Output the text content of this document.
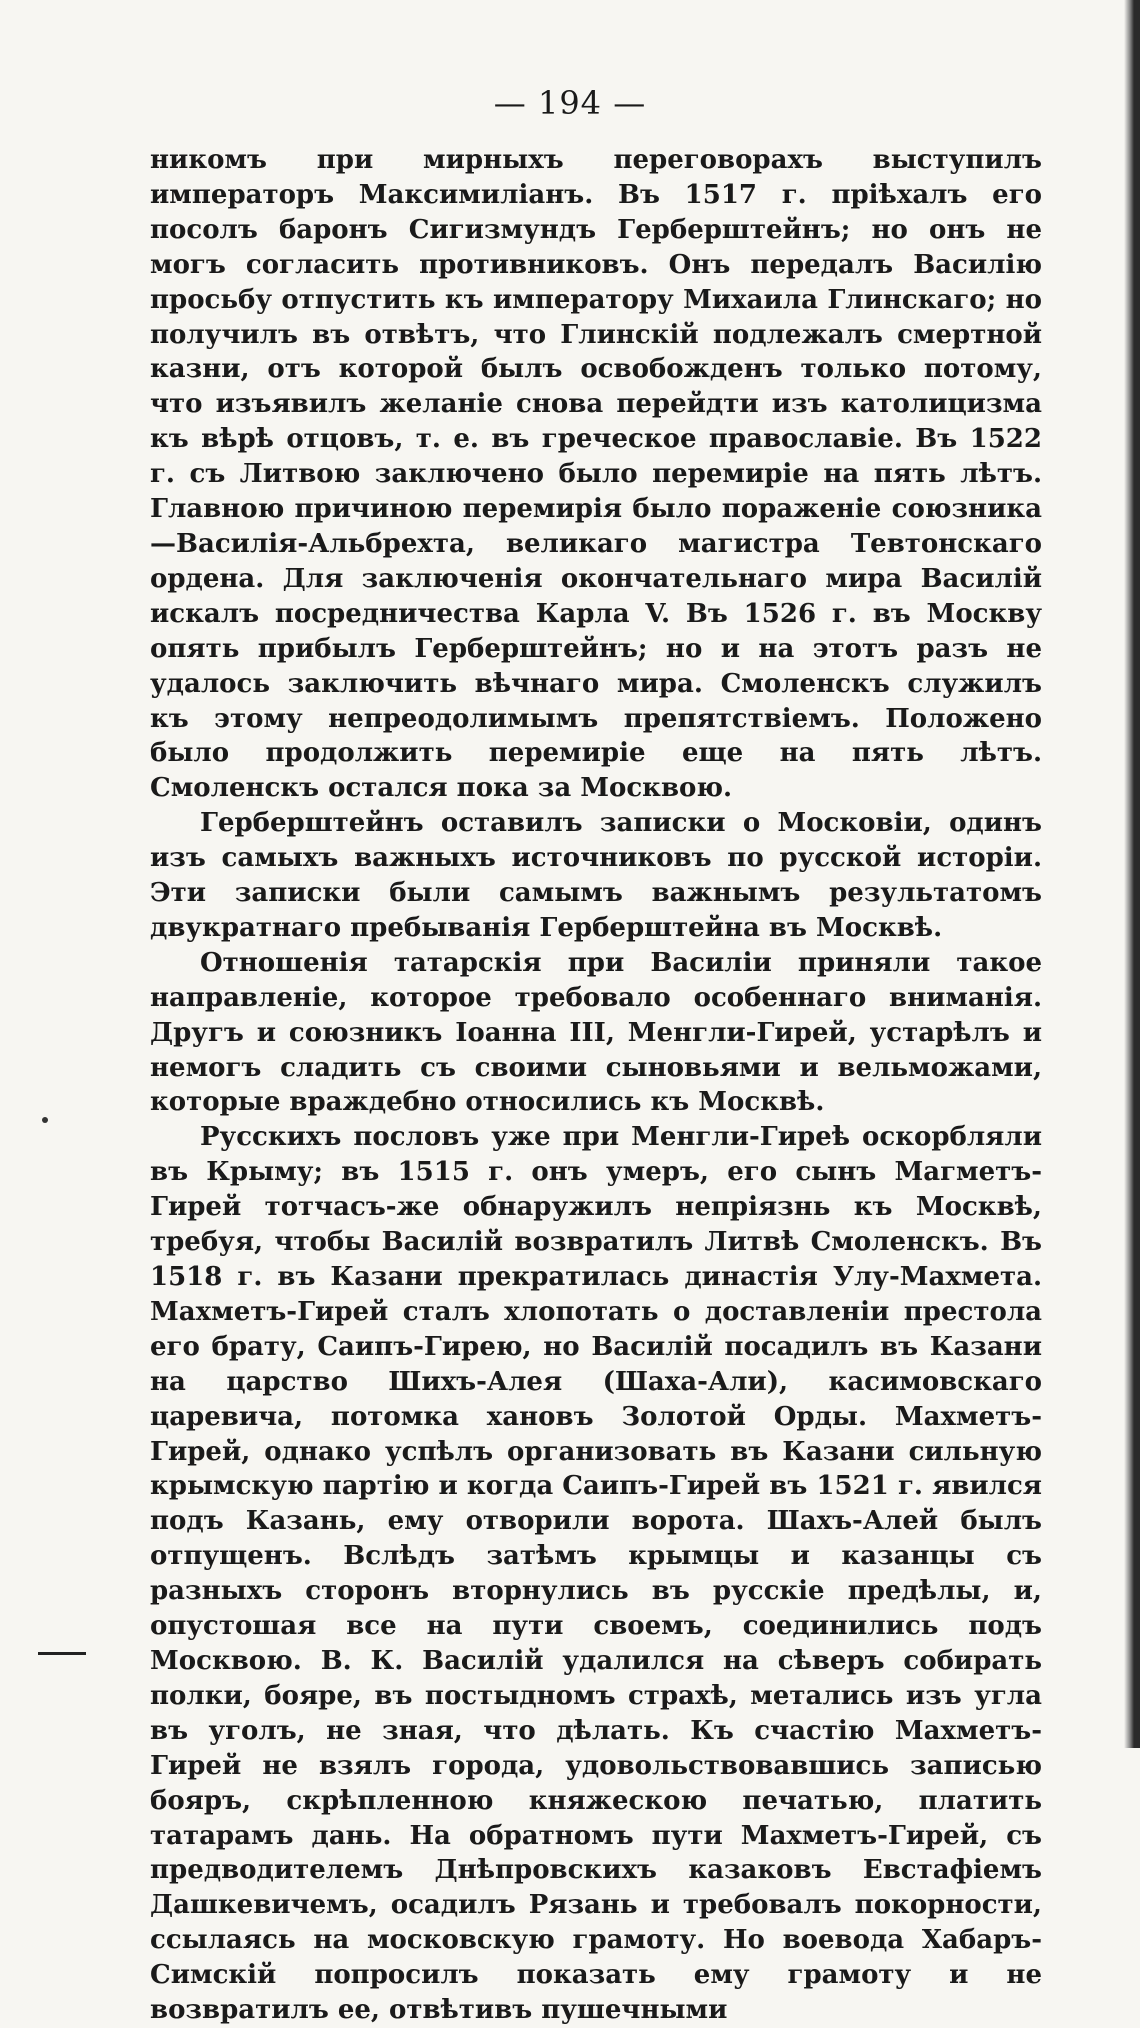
— 194 —

никомъ при мирныхъ переговорахъ выступилъ императоръ Максимиліанъ. Въ 1517 г. пріѣхалъ его посолъ баронъ Сигизмундъ Герберштейнъ; но онъ не могъ согласить противниковъ. Онъ передалъ Василію просьбу отпустить къ императору Михаила Глинскаго; но получилъ въ отвѣтъ, что Глинскій подлежалъ смертной казни, отъ которой былъ освобожденъ только потому, что изъявилъ желаніе снова перейдти изъ католицизма къ вѣрѣ отцовъ, т. е. въ греческое православіе. Въ 1522 г. съ Литвою заключено было перемиріе на пять лѣтъ. Главною причиною перемирія было пораженіе союзника—Василія-Альбрехта, великаго магистра Тевтонскаго ордена. Для заключенія окончательнаго мира Василій искалъ посредничества Карла V. Въ 1526 г. въ Москву опять прибылъ Герберштейнъ; но и на этотъ разъ не удалось заключить вѣчнаго мира. Смоленскъ служилъ къ этому непреодолимымъ препятствіемъ. Положено было продолжить перемиріе еще на пять лѣтъ. Смоленскъ остался пока за Москвою.

Герберштейнъ оставилъ записки о Московіи, одинъ изъ самыхъ важныхъ источниковъ по русской исторіи. Эти записки были самымъ важнымъ результатомъ двукратнаго пребыванія Герберштейна въ Москвѣ.

Отношенія татарскія при Василіи приняли такое направленіе, которое требовало особеннаго вниманія. Другъ и союзникъ Іоанна III, Менгли-Гирей, устарѣлъ и немогъ сладить съ своими сыновьями и вельможами, которые враждебно относились къ Москвѣ.

Русскихъ пословъ уже при Менгли-Гиреѣ оскорбляли въ Крыму; въ 1515 г. онъ умеръ, его сынъ Магметъ-Гирей тотчасъ-же обнаружилъ непріязнь къ Москвѣ, требуя, чтобы Василій возвратилъ Литвѣ Смоленскъ. Въ 1518 г. въ Казани прекратилась династія Улу-Махмета. Махметъ-Гирей сталъ хлопотать о доставленіи престола его брату, Саипъ-Гирею, но Василій посадилъ въ Казани на царство Шихъ-Алея (Шаха-Али), касимовскаго царевича, потомка хановъ Золотой Орды. Махметъ-Гирей, однако успѣлъ организовать въ Казани сильную крымскую партію и когда Саипъ-Гирей въ 1521 г. явился подъ Казань, ему отворили ворота. Шахъ-Алей былъ отпущенъ. Вслѣдъ затѣмъ крымцы и казанцы съ разныхъ сторонъ вторнулись въ русскіе предѣлы, и, опустошая все на пути своемъ, соединились подъ Москвою. В. К. Василій удалился на сѣверъ собирать полки, бояре, въ постыдномъ страхѣ, метались изъ угла въ уголъ, не зная, что дѣлать. Къ счастію Махметъ-Гирей не взялъ города, удовольствовавшись записью бояръ, скрѣпленною княжескою печатью, платить татарамъ дань. На обратномъ пути Махметъ-Гирей, съ предводителемъ Днѣпровскихъ казаковъ Евстафіемъ Дашкевичемъ, осадилъ Рязань и требовалъ покорности, ссылаясь на московскую грамоту. Но воевода Хабаръ-Симскій попросилъ показать ему грамоту и не возвратилъ ее, отвѣтивъ пушечными
